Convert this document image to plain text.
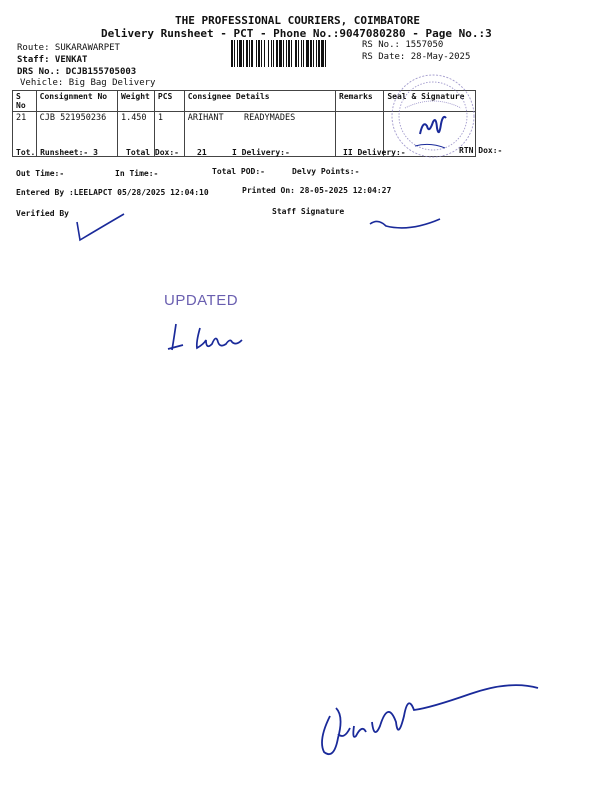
THE PROFESSIONAL COURIERS, COIMBATORE
Delivery Runsheet - PCT - Phone No.:9047080280 - Page No.:3
Route: SUKARAWARPET
Staff: VENKAT
DRS No.: DCJB155705003
Vehicle: Big Bag Delivery
RS No.: 1557050
RS Date: 28-May-2025
S No	Consignment No	Weight	PCS	Consignee Details	Remarks	Seal & Signature
21	CJB 521950236	1.450	1	ARIHANT    READYMADES		
Tot. Runsheet:- 3	Total Dox:- 21	I Delivery:-	II Delivery:-	RTN Dox:-
Out Time:-	In Time:-	Total POD:-	Delvy Points:-
Entered By :LEELAPCT 05/28/2025 12:04:10	Printed On: 28-05-2025 12:04:27
Verified By	Staff Signature
UPDATED
